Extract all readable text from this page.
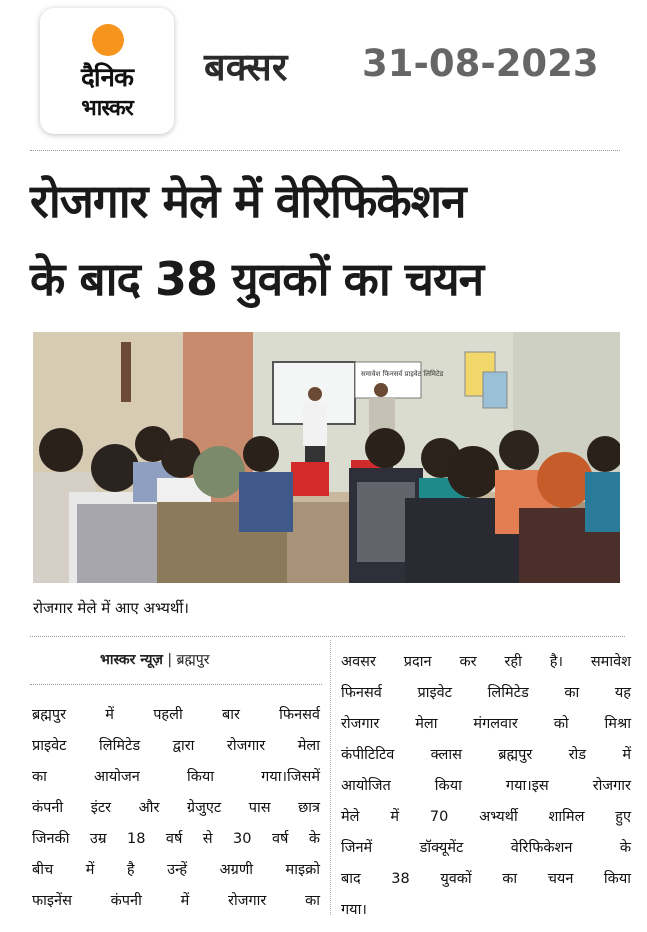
दैनिक
भास्कर
बक्सर 31-08-2023
रोजगार मेले में वेरिफिकेशन
के बाद 38 युवकों का चयन
समावेश फिनसर्व प्राइवेट लिमिटेड
रोजगार मेले में आए अभ्यर्थी।
भास्कर न्यूज़ | ब्रह्मपुर
ब्रह्मपुर में पहली बार फिनसर्व
प्राइवेट लिमिटेड द्वारा रोजगार मेला
का आयोजन किया गया।जिसमें
कंपनी इंटर और ग्रेजुएट पास छात्र
जिनकी उम्र 18 वर्ष से 30 वर्ष के
बीच में है उन्हें अग्रणी माइक्रो
फाइनेंस कंपनी में रोजगार का
अवसर प्रदान कर रही है। समावेश
फिनसर्व प्राइवेट लिमिटेड का यह
रोजगार मेला मंगलवार को मिश्रा
कंपीटिटिव क्लास ब्रह्मपुर रोड में
आयोजित किया गया।इस रोजगार
मेले में 70 अभ्यर्थी शामिल हुए
जिनमें डॉक्यूमेंट वेरिफिकेशन के
बाद 38 युवकों का चयन किया
गया।
